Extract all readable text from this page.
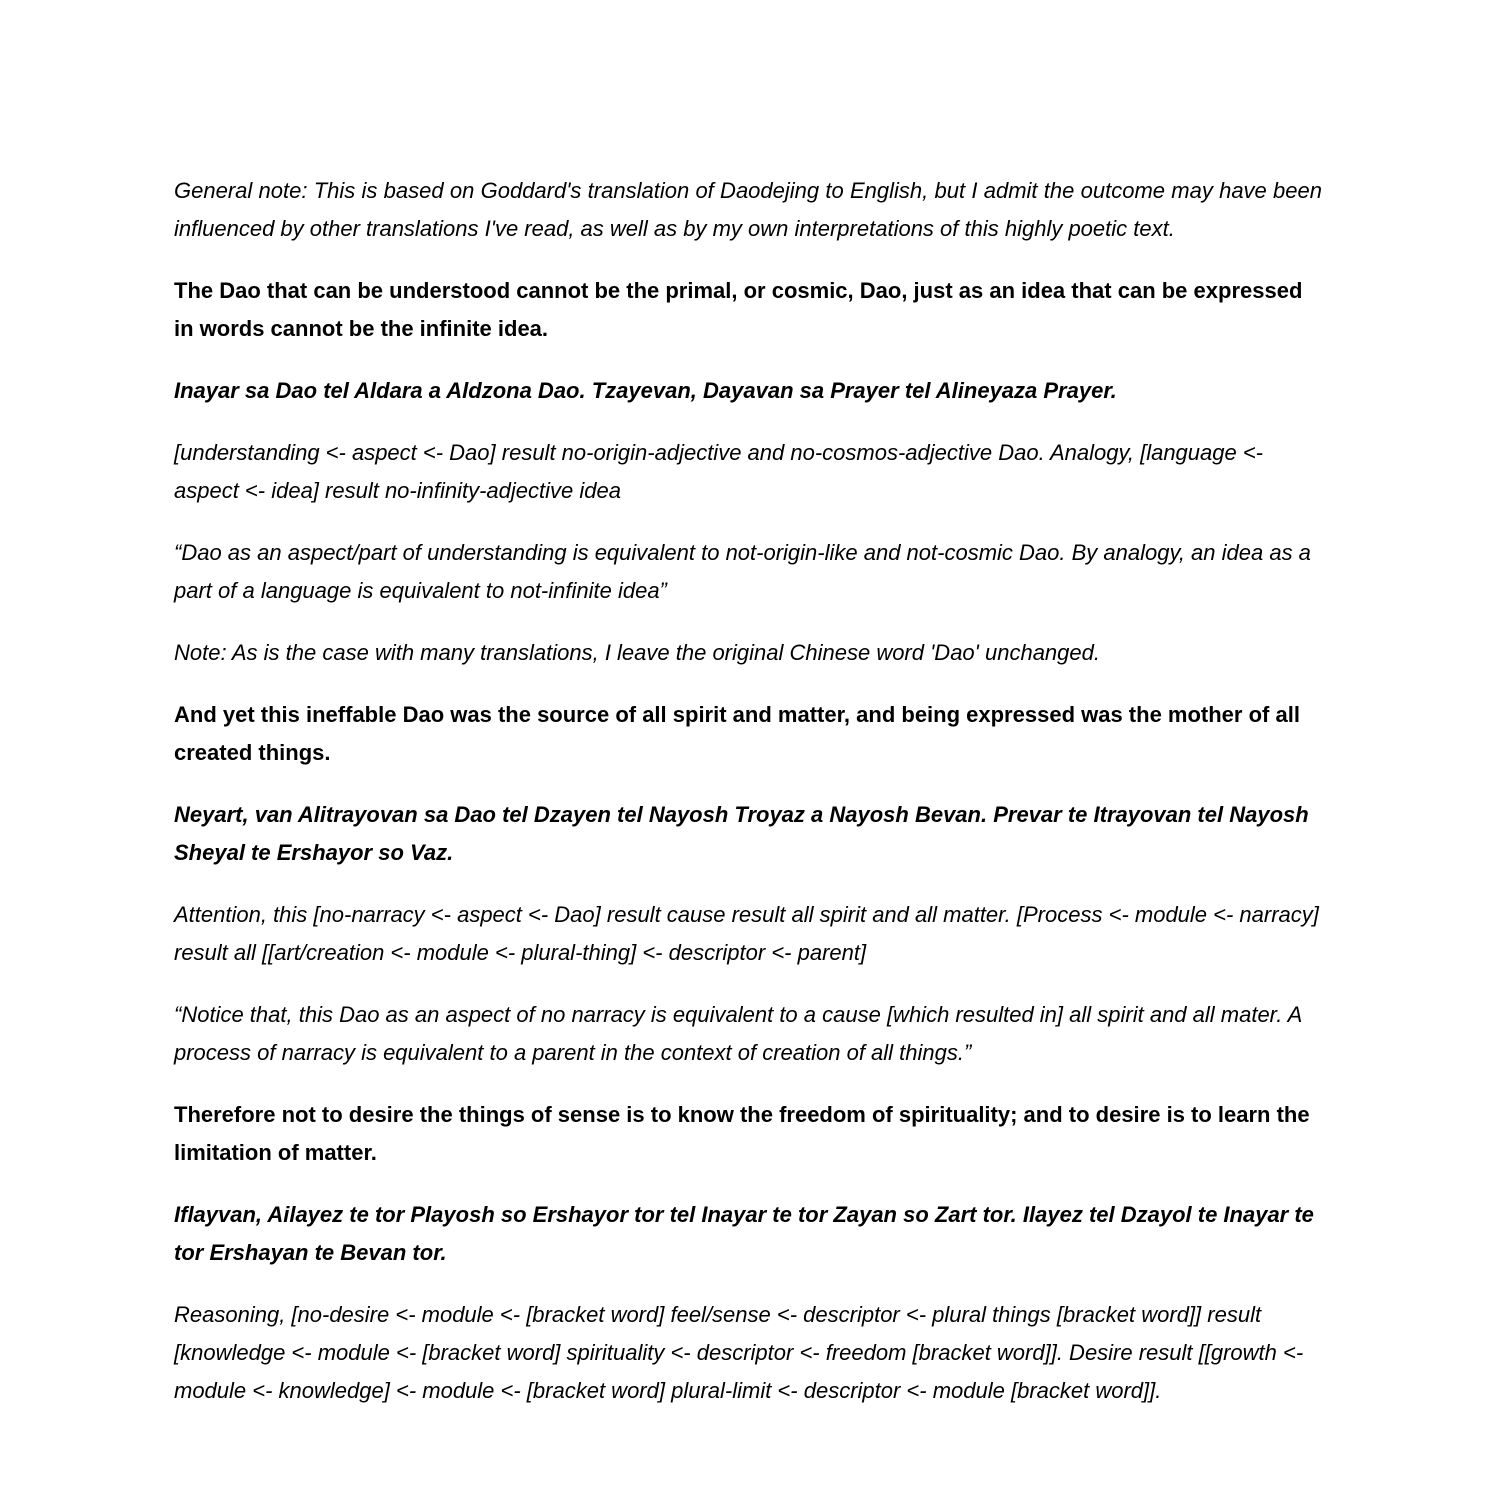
General note: This is based on Goddard's translation of Daodejing to English, but I admit the outcome may have been influenced by other translations I've read, as well as by my own interpretations of this highly poetic text.

The Dao that can be understood cannot be the primal, or cosmic, Dao, just as an idea that can be expressed in words cannot be the infinite idea.

Inayar sa Dao tel Aldara a Aldzona Dao. Tzayevan, Dayavan sa Prayer tel Alineyaza Prayer.

[understanding <- aspect <- Dao] result no-origin-adjective and no-cosmos-adjective Dao. Analogy, [language <- aspect <- idea] result no-infinity-adjective idea

“Dao as an aspect/part of understanding is equivalent to not-origin-like and not-cosmic Dao. By analogy, an idea as a part of a language is equivalent to not-infinite idea”

Note: As is the case with many translations, I leave the original Chinese word 'Dao' unchanged.

And yet this ineffable Dao was the source of all spirit and matter, and being expressed was the mother of all created things.

Neyart, van Alitrayovan sa Dao tel Dzayen tel Nayosh Troyaz a Nayosh Bevan. Prevar te Itrayovan tel Nayosh Sheyal te Ershayor so Vaz.

Attention, this [no-narracy <- aspect <- Dao] result cause result all spirit and all matter. [Process <- module <- narracy] result all [[art/creation <- module <- plural-thing] <- descriptor <- parent]

“Notice that, this Dao as an aspect of no narracy is equivalent to a cause [which resulted in] all spirit and all mater. A process of narracy is equivalent to a parent in the context of creation of all things.”

Therefore not to desire the things of sense is to know the freedom of spirituality; and to desire is to learn the limitation of matter.

Iflayvan, Ailayez te tor Playosh so Ershayor tor tel Inayar te tor Zayan so Zart tor. Ilayez tel Dzayol te Inayar te tor Ershayan te Bevan tor.

Reasoning, [no-desire <- module <- [bracket word] feel/sense <- descriptor <- plural things [bracket word]] result [knowledge <- module <- [bracket word] spirituality <- descriptor <- freedom [bracket word]]. Desire result [[growth <- module <- knowledge] <- module <- [bracket word] plural-limit <- descriptor <- module [bracket word]].
